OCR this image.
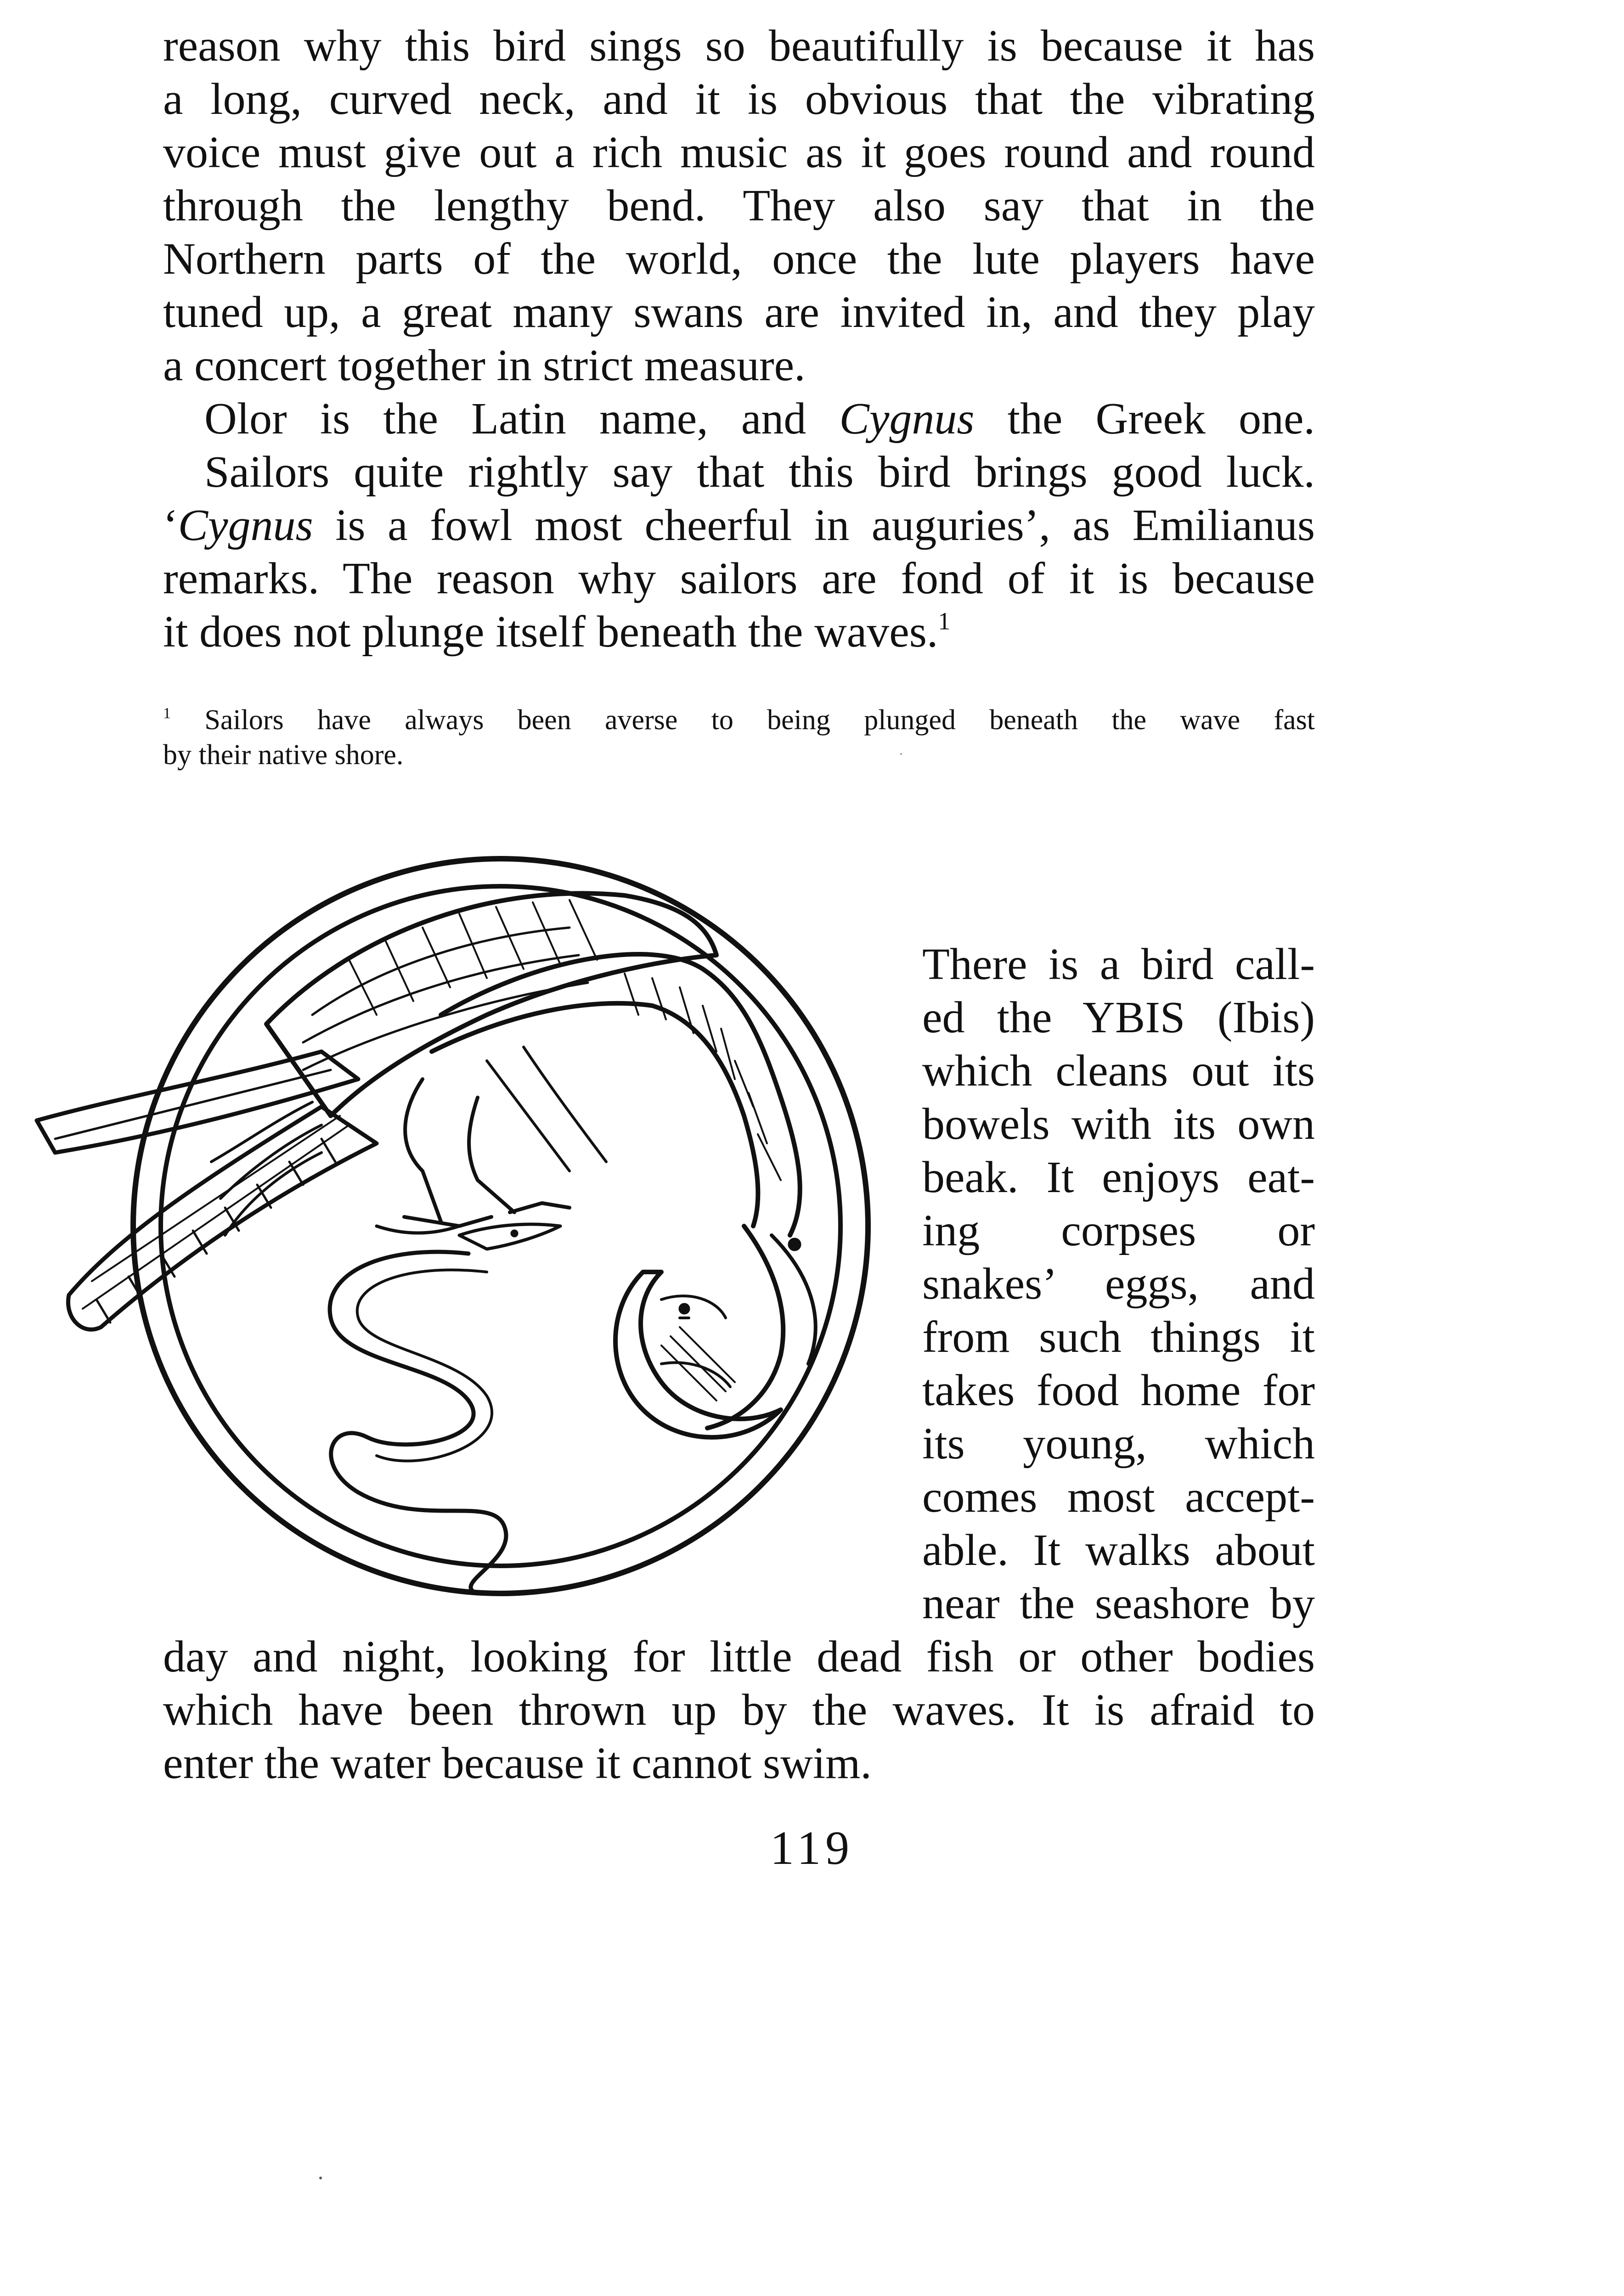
reason why this bird sings so beautifully is because it has
a long, curved neck, and it is obvious that the vibrating
voice must give out a rich music as it goes round and round
through the lengthy bend. They also say that in the
Northern parts of the world, once the lute players have
tuned up, a great many swans are invited in, and they play
a concert together in strict measure.
Olor is the Latin name, and Cygnus the Greek one.
Sailors quite rightly say that this bird brings good luck.
‘Cygnus is a fowl most cheerful in auguries’, as Emilianus
remarks. The reason why sailors are fond of it is because
it does not plunge itself beneath the waves.$^1$
$^1$ Sailors have always been averse to being plunged beneath the wave fast
by their native shore.
There is a bird call-
ed the YBIS (Ibis)
which cleans out its
bowels with its own
beak. It enjoys eat-
ing corpses or
snakes’ eggs, and
from such things it
takes food home for
its young, which
comes most accept-
able. It walks about
near the seashore by
day and night, looking for little dead fish or other bodies
which have been thrown up by the waves. It is afraid to
enter the water because it cannot swim.
119
